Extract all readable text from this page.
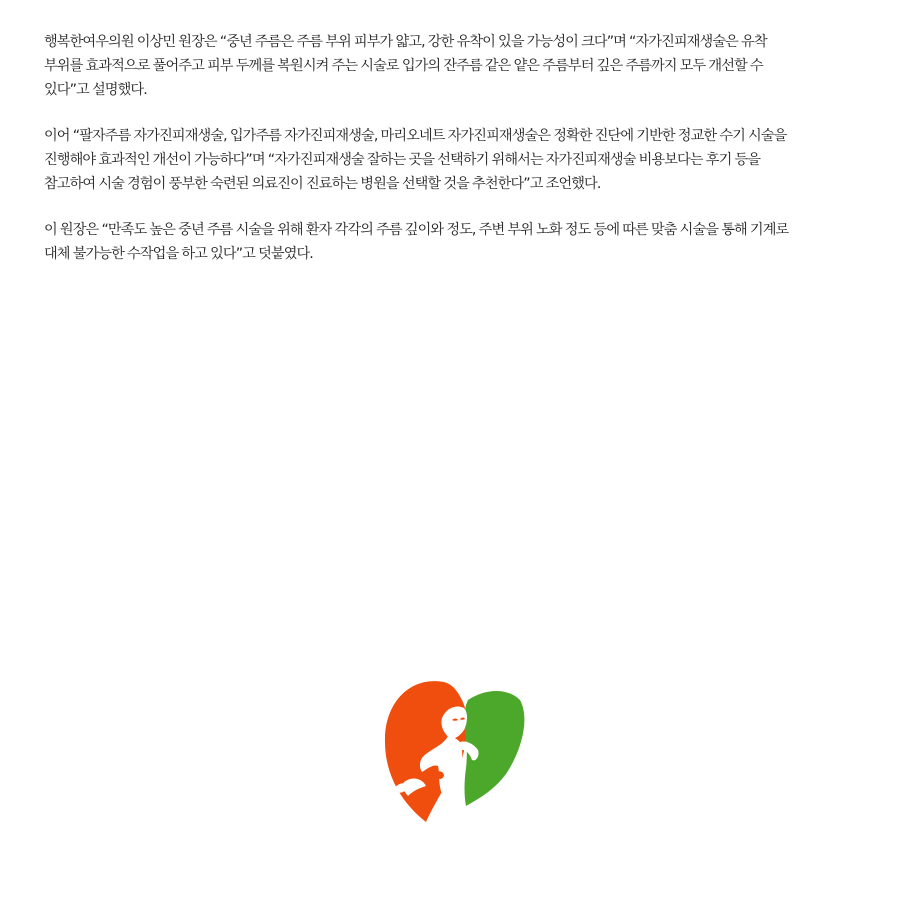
행복한여우의원 이상민 원장은 “중년 주름은 주름 부위 피부가 얇고, 강한 유착이 있을 가능성이 크다”며 “자가진피재생술은 유착
부위를 효과적으로 풀어주고 피부 두께를 복원시켜 주는 시술로 입가의 잔주름 같은 얕은 주름부터 깊은 주름까지 모두 개선할 수
있다”고 설명했다.

이어 “팔자주름 자가진피재생술, 입가주름 자가진피재생술, 마리오네트 자가진피재생술은 정확한 진단에 기반한 정교한 수기 시술을
진행해야 효과적인 개선이 가능하다”며 “자가진피재생술 잘하는 곳을 선택하기 위해서는 자가진피재생술 비용보다는 후기 등을
참고하여 시술 경험이 풍부한 숙련된 의료진이 진료하는 병원을 선택할 것을 추천한다”고 조언했다.

이 원장은 “만족도 높은 중년 주름 시술을 위해 환자 각각의 주름 깊이와 정도, 주변 부위 노화 정도 등에 따른 맞춤 시술을 통해 기계로
대체 불가능한 수작업을 하고 있다”고 덧붙였다.
